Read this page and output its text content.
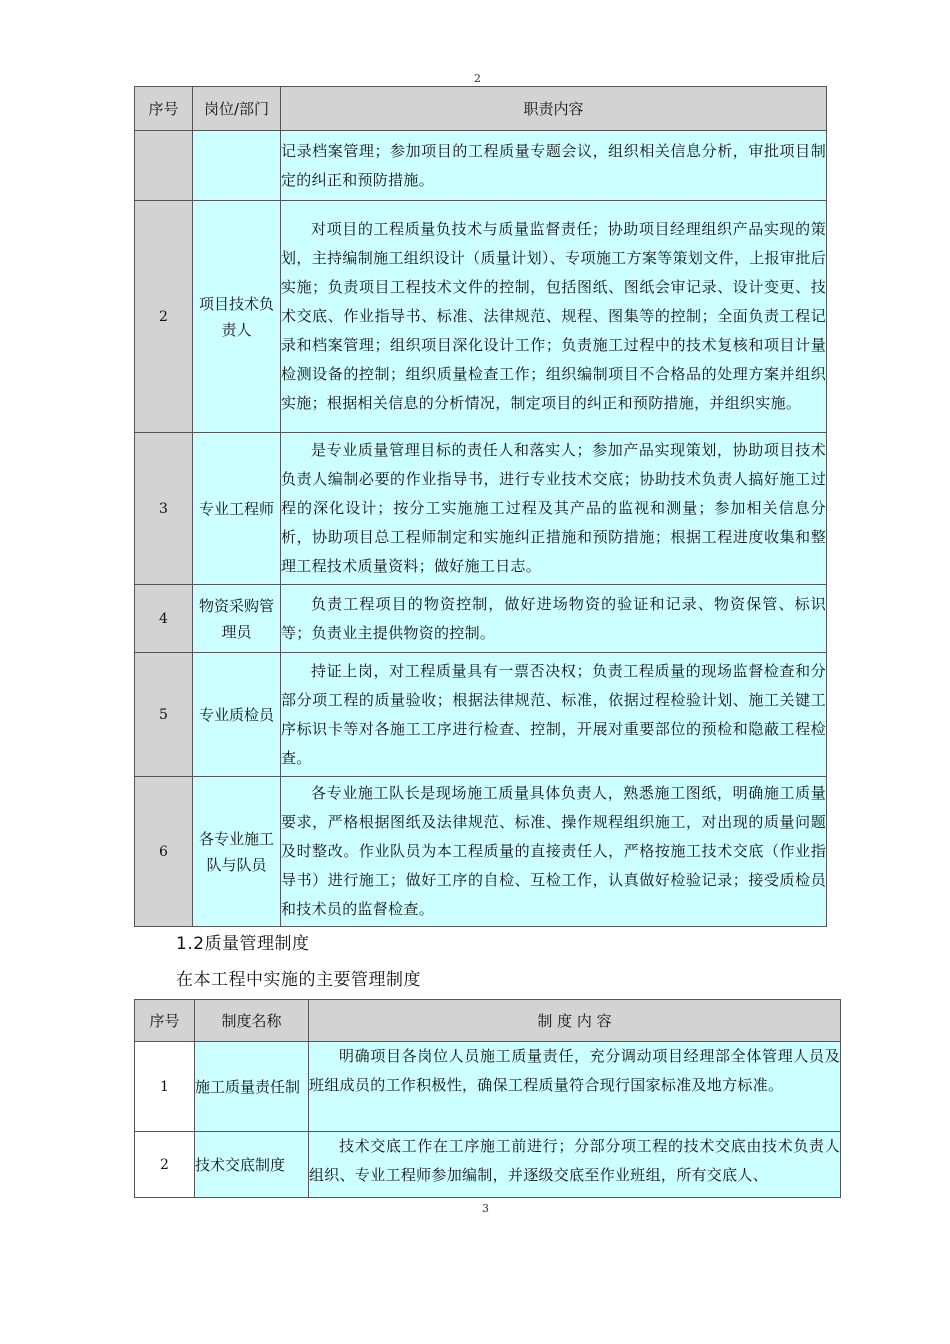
2
序号	岗位/部门	职责内容
		记录档案管理；参加项目的工程质量专题会议，组织相关信息分析，审批项目制定的纠正和预防措施。
2	项目技术负责人	对项目的工程质量负技术与质量监督责任；协助项目经理组织产品实现的策划，主持编制施工组织设计（质量计划）、专项施工方案等策划文件，上报审批后实施；负责项目工程技术文件的控制，包括图纸、图纸会审记录、设计变更、技术交底、作业指导书、标准、法律规范、规程、图集等的控制；全面负责工程记录和档案管理；组织项目深化设计工作；负责施工过程中的技术复核和项目计量检测设备的控制；组织质量检查工作；组织编制项目不合格品的处理方案并组织实施；根据相关信息的分析情况，制定项目的纠正和预防措施，并组织实施。
3	专业工程师	是专业质量管理目标的责任人和落实人；参加产品实现策划，协助项目技术负责人编制必要的作业指导书，进行专业技术交底；协助技术负责人搞好施工过程的深化设计；按分工实施施工过程及其产品的监视和测量；参加相关信息分析，协助项目总工程师制定和实施纠正措施和预防措施；根据工程进度收集和整理工程技术质量资料；做好施工日志。
4	物资采购管理员	负责工程项目的物资控制，做好进场物资的验证和记录、物资保管、标识等；负责业主提供物资的控制。
5	专业质检员	持证上岗，对工程质量具有一票否决权；负责工程质量的现场监督检查和分部分项工程的质量验收；根据法律规范、标准，依据过程检验计划、施工关键工序标识卡等对各施工工序进行检查、控制，开展对重要部位的预检和隐蔽工程检查。
6	各专业施工队与队员	各专业施工队长是现场施工质量具体负责人，熟悉施工图纸，明确施工质量要求，严格根据图纸及法律规范、标准、操作规程组织施工，对出现的质量问题及时整改。作业队员为本工程质量的直接责任人，严格按施工技术交底（作业指导书）进行施工；做好工序的自检、互检工作，认真做好检验记录；接受质检员和技术员的监督检查。
1.2质量管理制度
在本工程中实施的主要管理制度
序号	制度名称	制 度 内 容
1	施工质量责任制	明确项目各岗位人员施工质量责任，充分调动项目经理部全体管理人员及班组成员的工作积极性，确保工程质量符合现行国家标准及地方标准。
2	技术交底制度	技术交底工作在工序施工前进行；分部分项工程的技术交底由技术负责人组织、专业工程师参加编制，并逐级交底至作业班组，所有交底人、
3
